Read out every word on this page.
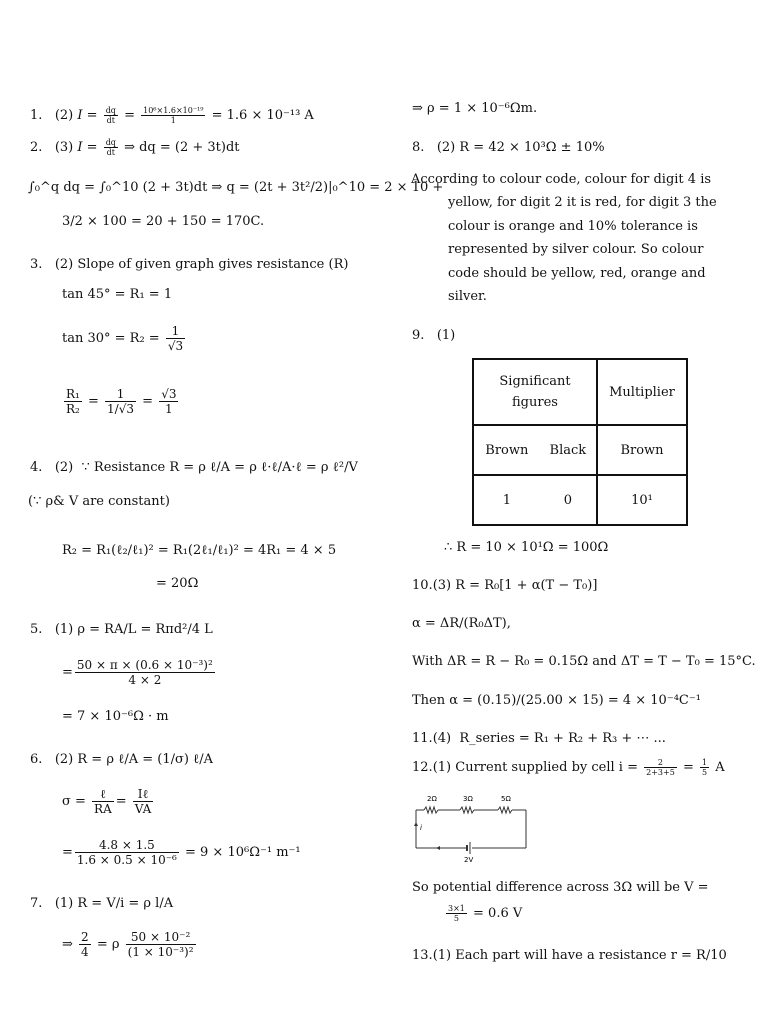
1. (2) $I = \frac{dq}{dt} = \frac{\text{10⁶×1.6×10⁻¹⁹}}{1} = 1.6 \times 10^{-13}$ A
2. (3) $I = \frac{dq}{dt}$ ⇒ dq = (2 + 3t)dt
∫₀^q dq = ∫₀^10 (2 + 3t)dt ⇒ q = (2t + 3t²/2)|₀^10 = 2 × 10 +
3/2 × 100 = 20 + 150 = 170C.
3. (2) Slope of given graph gives resistance (R)
tan 45° = R₁ = 1
$\tan 30^\circ = R_2 = \frac{1}{√3}$
$\frac{\text{R₁}}{\text{R₂}} = \frac{1}{1/√3} = \frac{√3}{1}$
4. (2) ∵ Resistance R = ρ ℓ/A = ρ ℓ·ℓ/A·ℓ = ρ ℓ²/V
(∵ ρ& V are constant)
R₂ = R₁(ℓ₂/ℓ₁)² = R₁(2ℓ₁/ℓ₁)² = 4R₁ = 4 × 5
= 20Ω
5. (1) ρ = RA/L = Rπd²/4 L
= $\frac{\text{50 × π × (0.6 × 10⁻³)²}}{4 \times 2}$
= 7 × 10⁻⁶Ω · m
6. (2) R = ρ ℓ/A = (1/σ) ℓ/A
$\sigma = \frac{\text{ℓ}}{RA} = \frac{\text{Iℓ}}{VA}$
= $\frac{4.8 \times 1.5}{\text{1.6 × 0.5 × 10⁻⁶}} = 9 \times 10^6\Omega^{-1}$ m⁻¹
7. (1) R = V/i = ρ l/A
⇒ $\frac{2}{4} = \rho \frac{\text{50 × 10⁻²}}{\text{(1 × 10⁻³)²}}$
⇒ ρ = 1 × 10⁻⁶Ωm.
8. (2) R = 42 × 10³Ω ± 10%
According to colour code, colour for digit 4 is
yellow, for digit 2 it is red, for digit 3 the
colour is orange and 10% tolerance is
represented by silver colour. So colour
code should be yellow, red, orange and
silver.
9. (1)
∴ R = 10 × 10¹Ω = 100Ω
10.(3) R = R₀[1 + α(T − T₀)]
α = ΔR/(R₀ΔT),
With ΔR = R − R₀ = 0.15Ω and ΔT = T − T₀ = 15°C.
Then α = (0.15)/(25.00 × 15) = 4 × 10⁻⁴C⁻¹
11.(4) R_series = R₁ + R₂ + R₃ + ⋯ ...
12.(1) Current supplied by cell $i = \frac{2}{2+3+5} = \frac{1}{5}$ A
So potential difference across 3Ω will be V =
$\frac{3\times 1}{5} = 0.6$ V
13.(1) Each part will have a resistance r = R/10
Significant
figures		Multiplier
Brown	Black	Brown
1	0	10¹
2Ω	3Ω	5Ω
i
2V
